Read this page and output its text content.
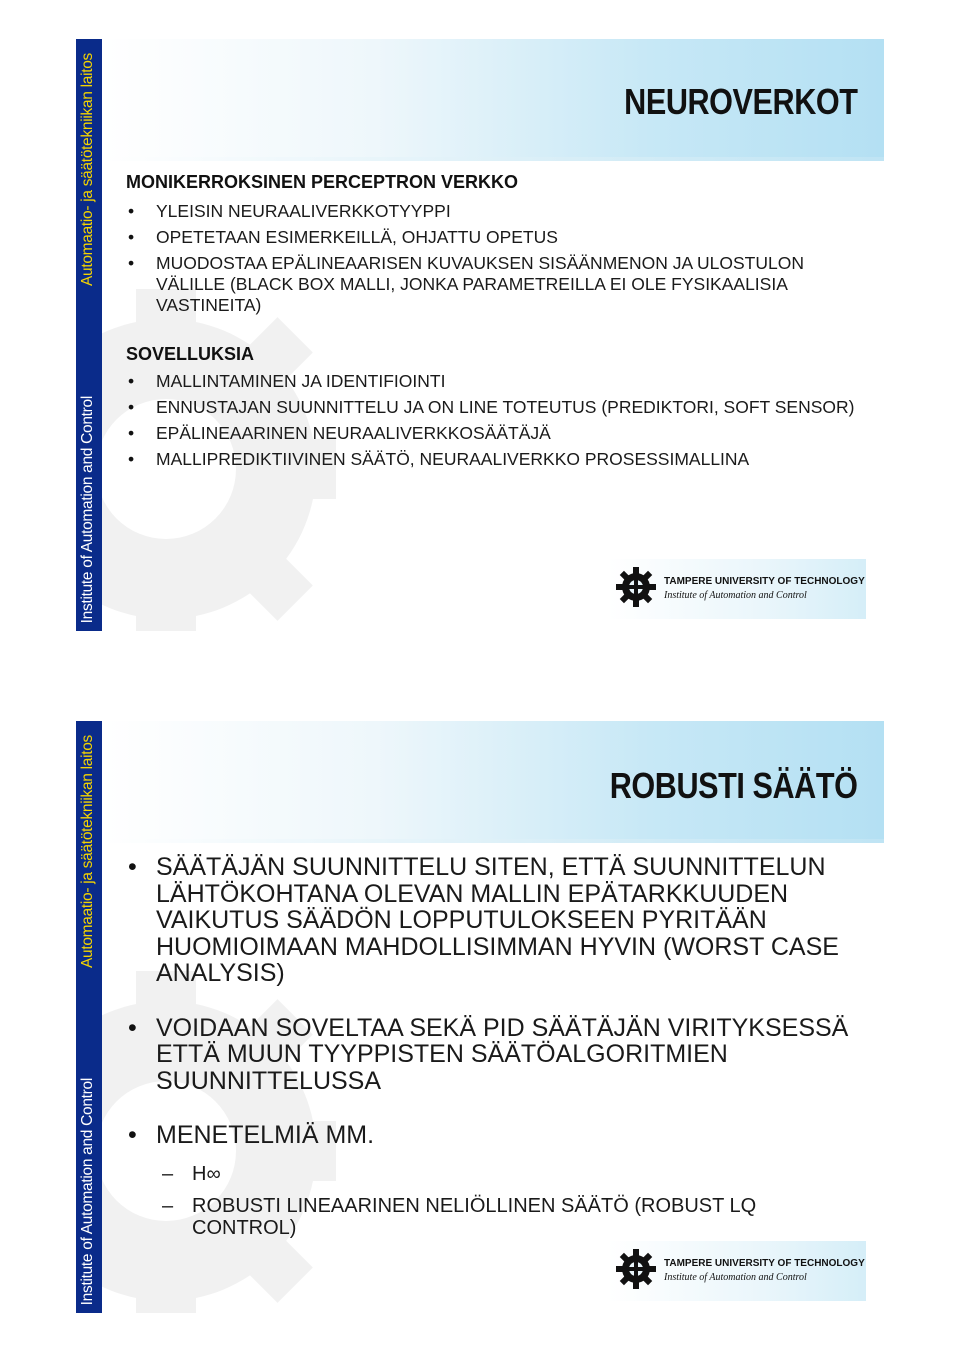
Automaatio- ja säätötekniikan laitos
Institute of Automation and Control
NEUROVERKOT

MONIKERROKSINEN PERCEPTRON VERKKO

• YLEISIN NEURAALIVERKKOTYYPPI
• OPETETAAN ESIMERKEILLÄ, OHJATTU OPETUS
• MUODOSTAA EPÄLINEAARISEN KUVAUKSEN SISÄÄNMENON JA ULOSTULON VÄLILLE (BLACK BOX MALLI, JONKA PARAMETREILLA EI OLE FYSIKAALISIA VASTINEITA)

SOVELLUKSIA

• MALLINTAMINEN JA IDENTIFIOINTI
• ENNUSTAJAN SUUNNITTELU JA ON LINE TOTEUTUS (PREDIKTORI, SOFT SENSOR)
• EPÄLINEAARINEN NEURAALIVERKKOSÄÄTÄJÄ
• MALLIPREDIKTIIVINEN SÄÄTÖ, NEURAALIVERKKO PROSESSIMALLINA
TAMPERE UNIVERSITY OF TECHNOLOGY
Institute of Automation and Control
Automaatio- ja säätötekniikan laitos
Institute of Automation and Control
ROBUSTI SÄÄTÖ
• SÄÄTÄJÄN SUUNNITTELU SITEN, ETTÄ SUUNNITTELUN LÄHTÖKOHTANA OLEVAN MALLIN EPÄTARKKUUDEN VAIKUTUS SÄÄDÖN LOPPUTULOKSEEN PYRITÄÄN HUOMIOIMAAN MAHDOLLISIMMAN HYVIN (WORST CASE ANALYSIS)
• VOIDAAN SOVELTAA SEKÄ PID SÄÄTÄJÄN VIRITYKSESSÄ ETTÄ MUUN TYYPPISTEN SÄÄTÖALGORITMIEN SUUNNITTELUSSA
• MENETELMIÄ MM.
– H∞
– ROBUSTI LINEAARINEN NELIÖLLINEN SÄÄTÖ (ROBUST LQ CONTROL)
TAMPERE UNIVERSITY OF TECHNOLOGY
Institute of Automation and Control
